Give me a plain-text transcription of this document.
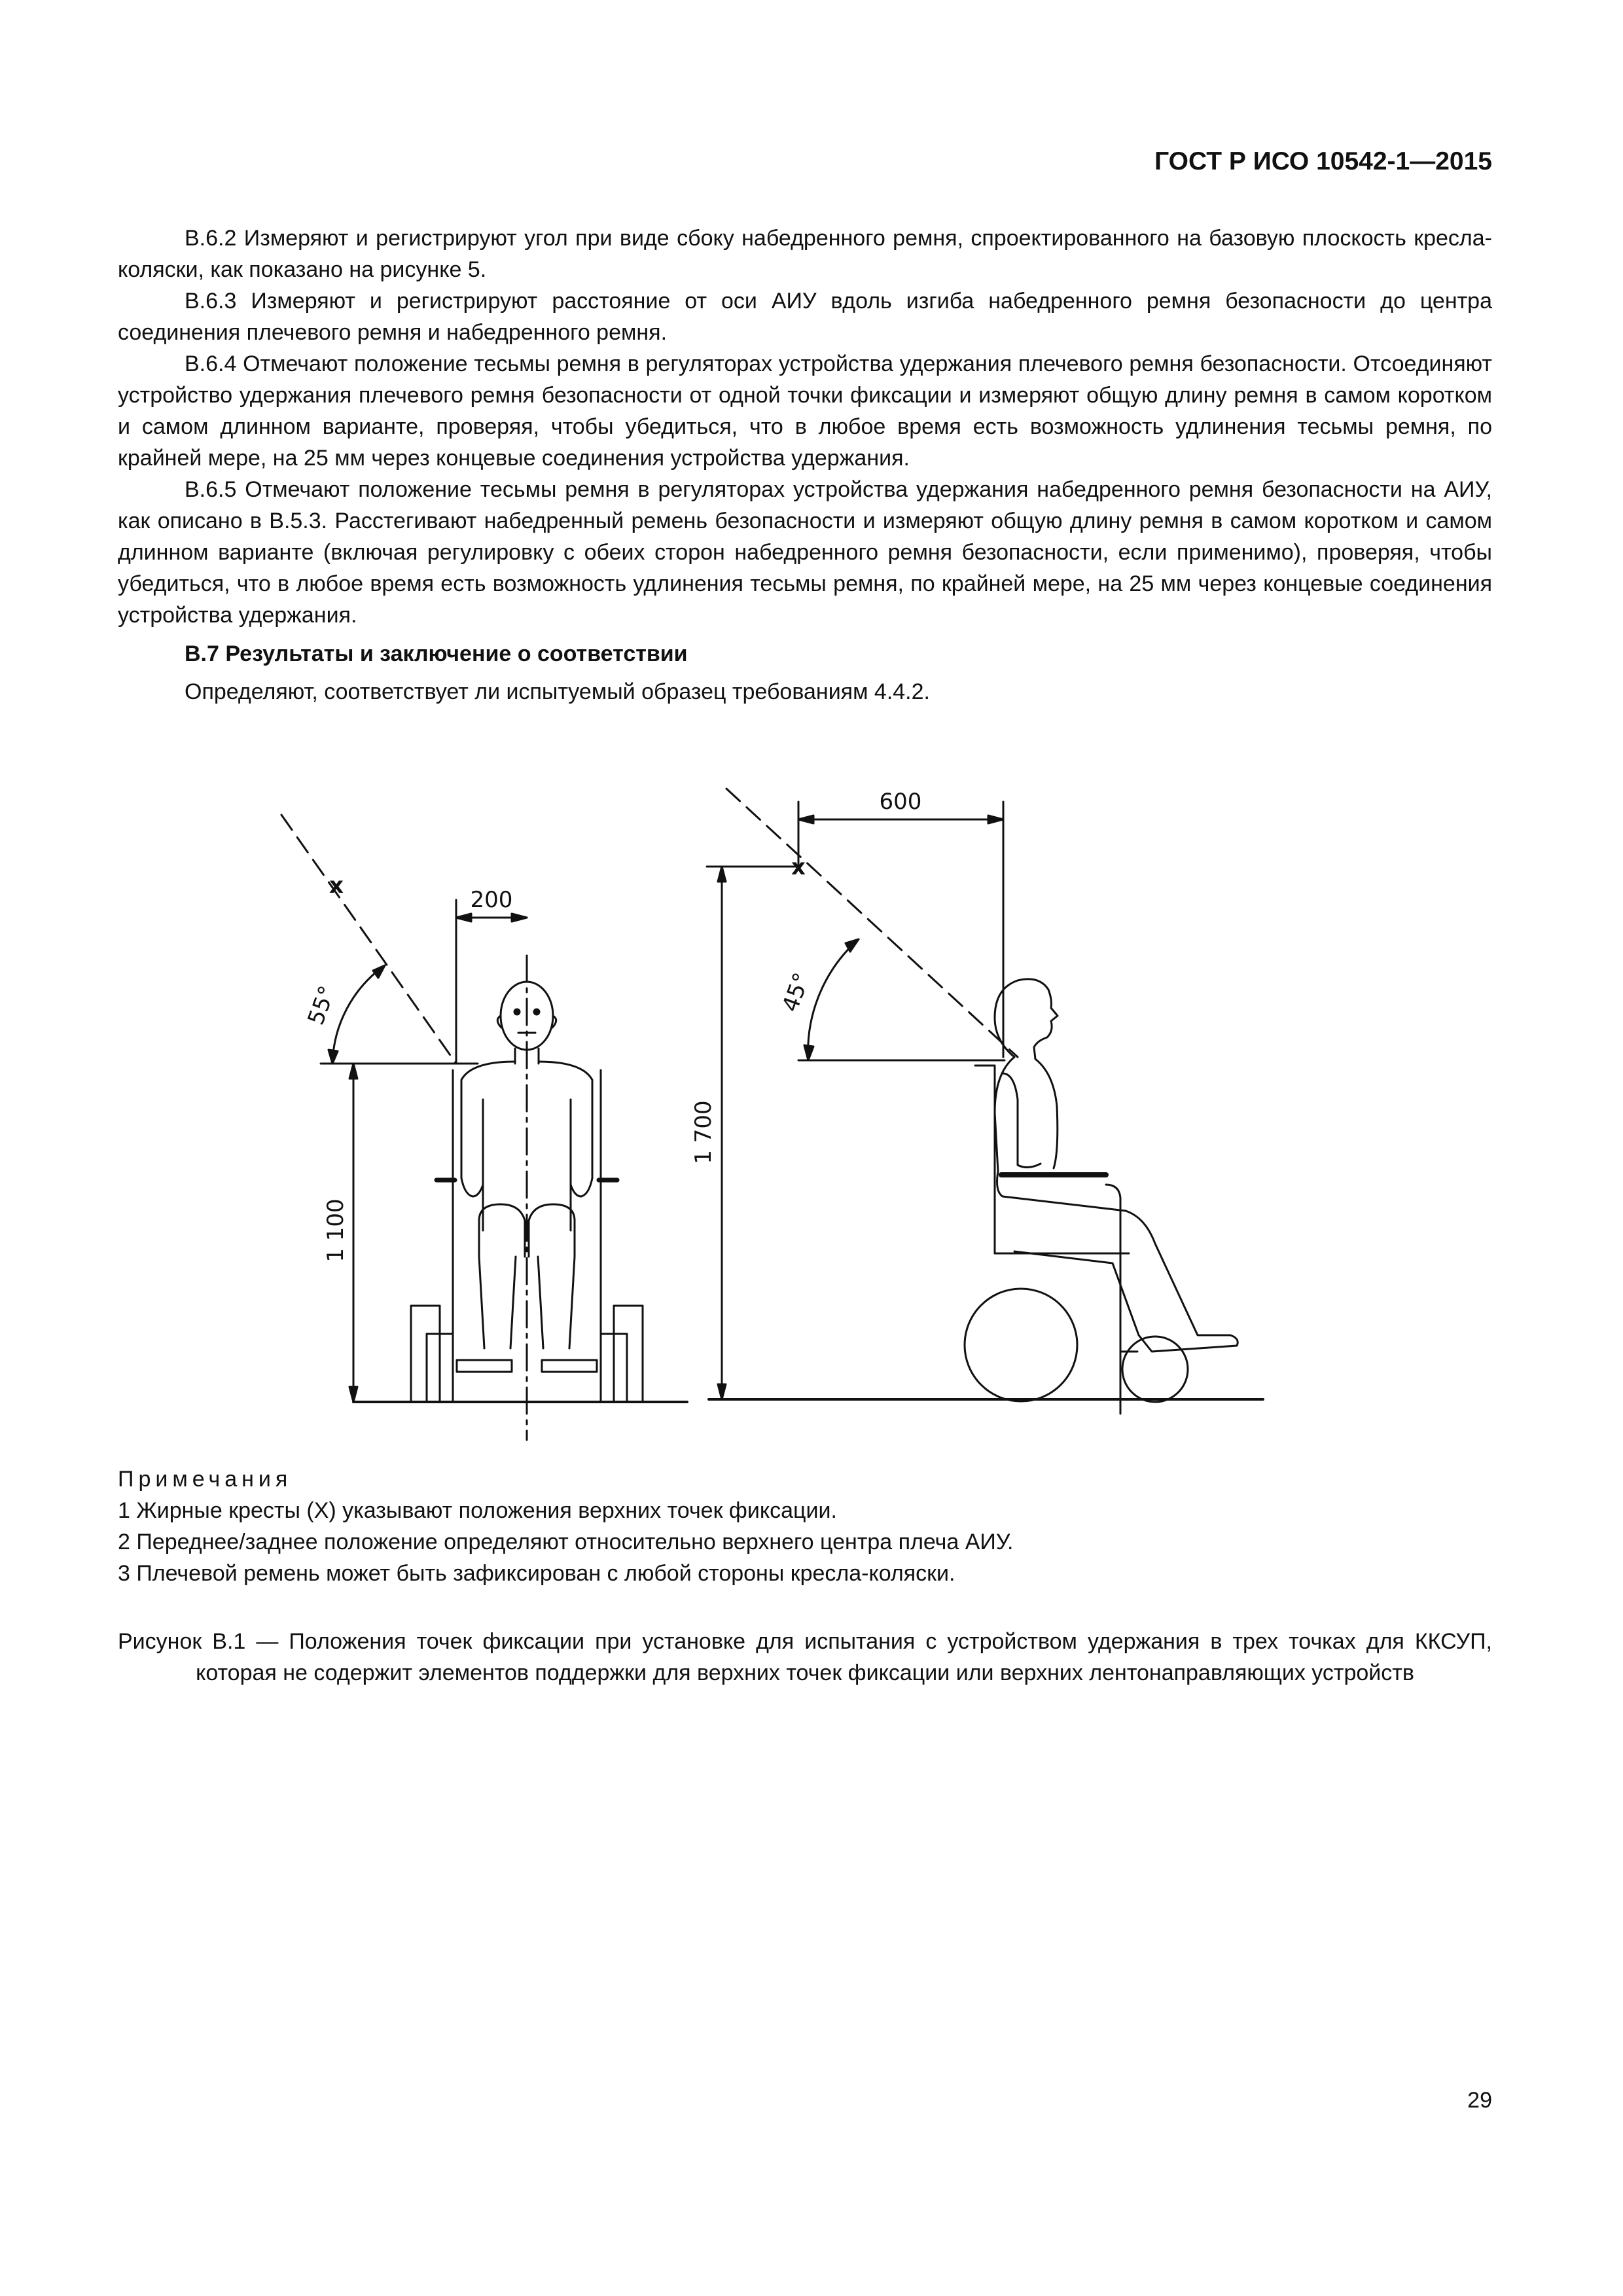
ГОСТ Р ИСО 10542-1—2015

В.6.2 Измеряют и регистрируют угол при виде сбоку набедренного ремня, спроектированного на базовую плоскость кресла-коляски, как показано на рисунке 5.

В.6.3 Измеряют и регистрируют расстояние от оси АИУ вдоль изгиба набедренного ремня безопасности до центра соединения плечевого ремня и набедренного ремня.

В.6.4 Отмечают положение тесьмы ремня в регуляторах устройства удержания плечевого ремня безопасности. Отсоединяют устройство удержания плечевого ремня безопасности от одной точки фиксации и измеряют общую длину ремня в самом коротком и самом длинном варианте, проверяя, чтобы убедиться, что в любое время есть возможность удлинения тесьмы ремня, по крайней мере, на 25 мм через концевые соединения устройства удержания.

В.6.5 Отмечают положение тесьмы ремня в регуляторах устройства удержания набедренного ремня безопасности на АИУ, как описано в В.5.3. Расстегивают набедренный ремень безопасности и измеряют общую длину ремня в самом коротком и самом длинном варианте (включая регулировку с обеих сторон набедренного ремня безопасности, если применимо), проверяя, чтобы убедиться, что в любое время есть возможность удлинения тесьмы ремня, по крайней мере, на 25 мм через концевые соединения устройства удержания.

В.7 Результаты и заключение о соответствии

Определяют, соответствует ли испытуемый образец требованиям 4.4.2.

x
x
200
600
55°	45°
1 100
1 700

Примечания

1 Жирные кресты (X) указывают положения верхних точек фиксации.

2 Переднее/заднее положение определяют относительно верхнего центра плеча АИУ.

3 Плечевой ремень может быть зафиксирован с любой стороны кресла-коляски.

Рисунок В.1 — Положения точек фиксации при установке для испытания с устройством удержания в трех точках для ККСУП, которая не содержит элементов поддержки для верхних точек фиксации или верхних лентонаправляющих устройств

29
